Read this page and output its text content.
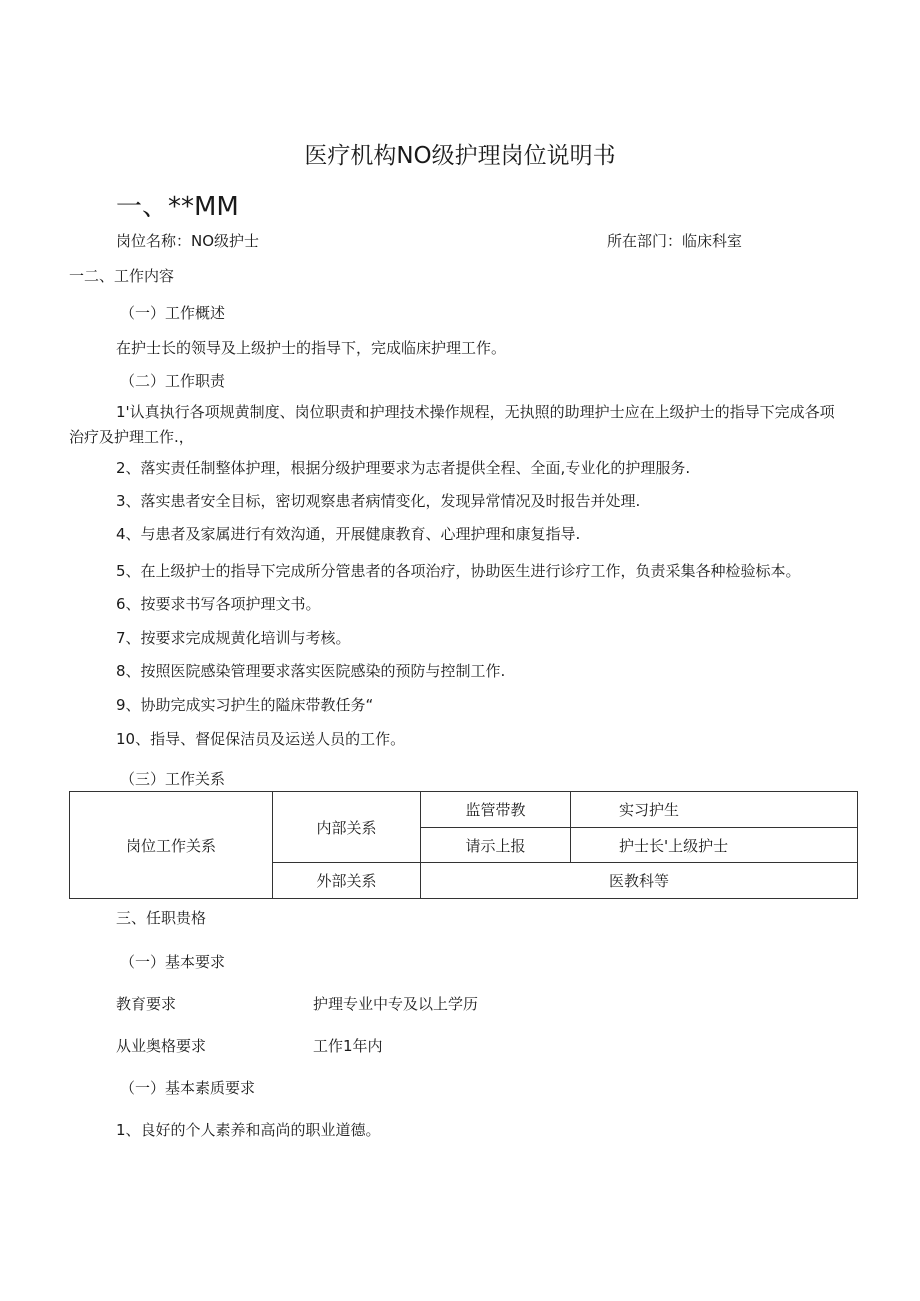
医疗机构NO级护理岗位说明书
一、**MM
岗位名称：NO级护士	所在部门：临床科室
一二、工作内容
（一）工作概述
在护士长的领导及上级护士的指导下，完成临床护理工作。
（二）工作职责
1'认真执行各项规黄制度、岗位职责和护理技术操作规程，无执照的助理护士应在上级护士的指导下完成各项
治疗及护理工作.，
2、落实责任制整体护理，根据分级护理要求为志者提供全程、全面,专业化的护理服务.
3、落实患者安全目标，密切观察患者病情变化，发现异常情况及时报告并处理.
4、与患者及家属进行有效沟通，开展健康教育、心理护理和康复指导.
5、在上级护士的指导下完成所分管患者的各项治疗，协助医生进行诊疗工作，负责采集各种检验标本。
6、按要求书写各项护理文书。
7、按要求完成规黄化培训与考核。
8、按照医院感染管理要求落实医院感染的预防与控制工作.
9、协助完成实习护生的隘床带教任务“
10、指导、督促保洁员及运送人员的工作。
（三）工作关系
岗位工作关系	内部关系	监管带教	实习护生
		请示上报	护士长'上级护士
	外部关系	医教科等	
三、任职贵格
（一）基本要求
教育要求	护理专业中专及以上学历
从业奥格要求	工作1年内
（一）基本素质要求
1、良好的个人素养和高尚的职业道德。
